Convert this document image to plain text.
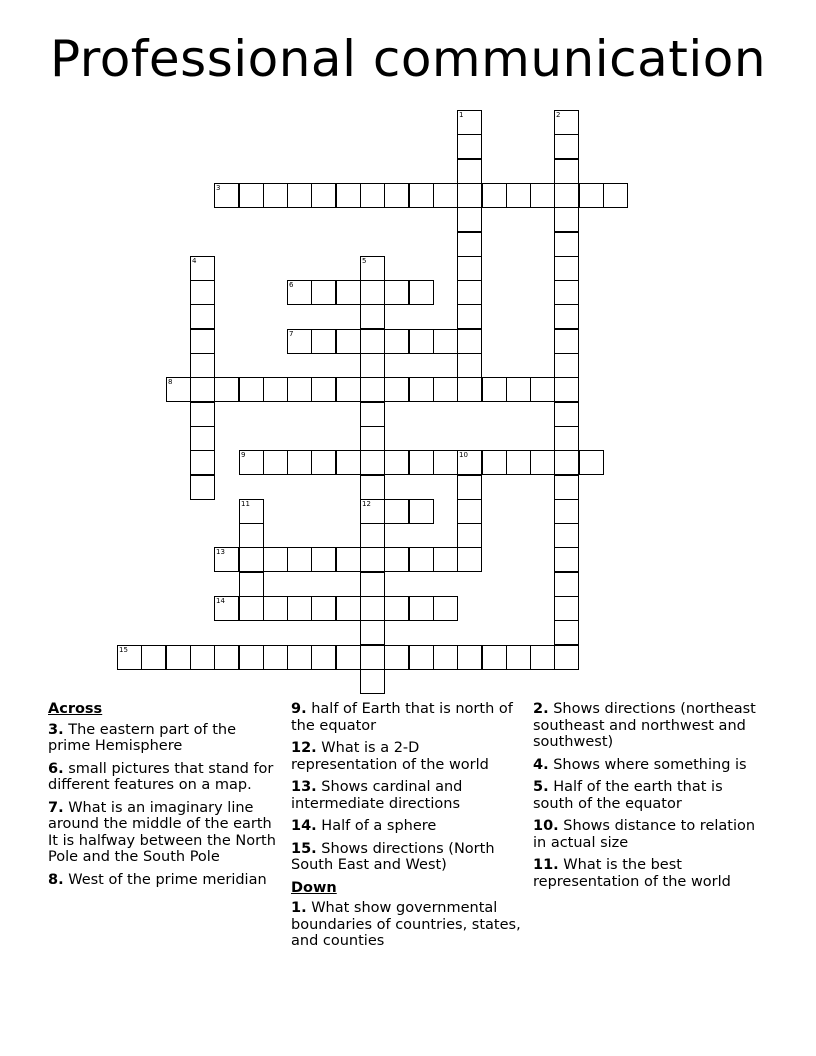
Professional communication
1	2
3
4	5
12
6
7
8
9	10
11
13
14
15
Across
3. The eastern part of the prime Hemisphere
6. small pictures that stand for different features on a map.
7. What is an imaginary line around the middle of the earth It is halfway between the North Pole and the South Pole
8. West of the prime meridian
9. half of Earth that is north of the equator
12. What is a 2-D representation of the world
13. Shows cardinal and intermediate directions
14. Half of a sphere
15. Shows directions (North South East and West)
Down
1. What show governmental boundaries of countries, states, and counties
2. Shows directions (northeast southeast and northwest and southwest)
4. Shows where something is
5. Half of the earth that is south of the equator
10. Shows distance to relation in actual size
11. What is the best representation of the world
